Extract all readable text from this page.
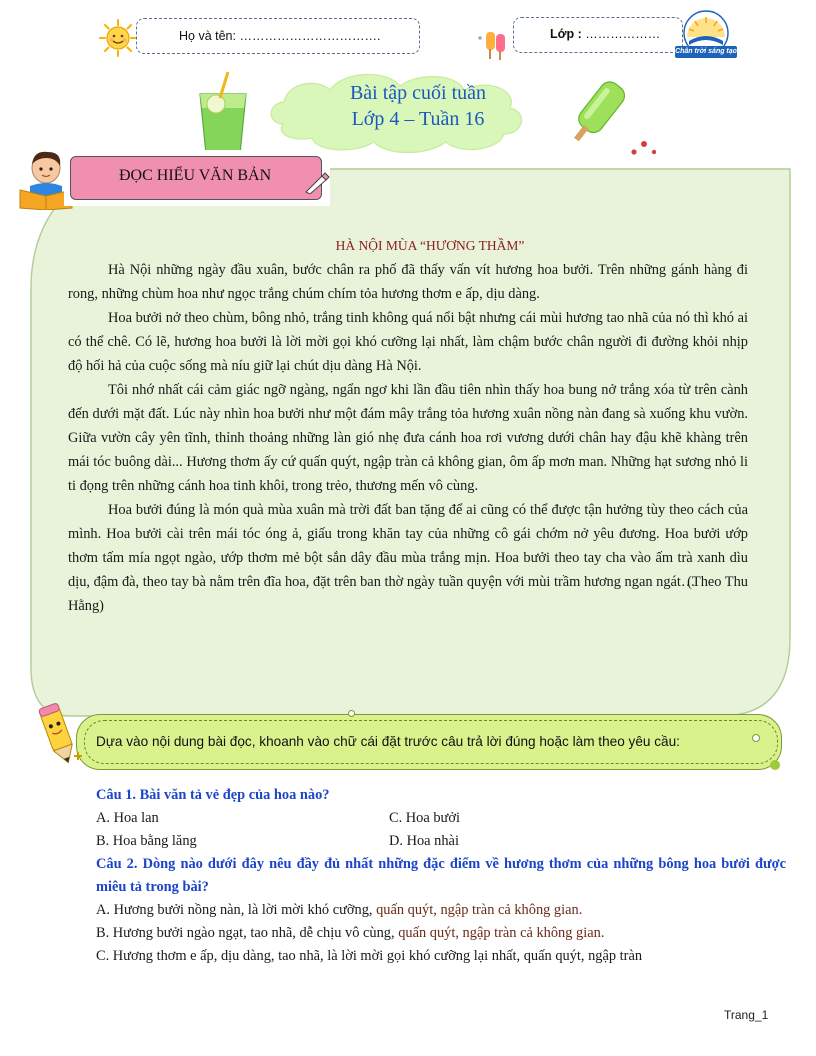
Họ và tên: …………………………….	Lớp : ………………
Chân trời sáng tạo
Bài tập cuối tuần
Lớp 4 – Tuần 16
ĐỌC HIỂU VĂN BẢN
HÀ NỘI MÙA “HƯƠNG THẦM”

Hà Nội những ngày đầu xuân, bước chân ra phố đã thấy vấn vít hương hoa bưởi. Trên những gánh hàng đi rong, những chùm hoa như ngọc trắng chúm chím tỏa hương thơm e ấp, dịu dàng.

Hoa bưởi nở theo chùm, bông nhỏ, trắng tinh không quá nổi bật nhưng cái mùi hương tao nhã của nó thì khó ai có thể chê. Có lẽ, hương hoa bưởi là lời mời gọi khó cưỡng lại nhất, làm chậm bước chân người đi đường khỏi nhịp độ hối hả của cuộc sống mà níu giữ lại chút dịu dàng Hà Nội.

Tôi nhớ nhất cái cảm giác ngỡ ngàng, ngẩn ngơ khi lần đầu tiên nhìn thấy hoa bung nở trắng xóa từ trên cành đến dưới mặt đất. Lúc này nhìn hoa bưởi như một đám mây trắng tỏa hương xuân nồng nàn đang sà xuống khu vườn. Giữa vườn cây yên tĩnh, thỉnh thoảng những làn gió nhẹ đưa cánh hoa rơi vương dưới chân hay đậu khẽ khàng trên mái tóc buông dài... Hương thơm ấy cứ quấn quýt, ngập tràn cả không gian, ôm ấp mơn man. Những hạt sương nhỏ li ti đọng trên những cánh hoa tinh khôi, trong trẻo, thương mến vô cùng.

Hoa bưởi đúng là món quà mùa xuân mà trời đất ban tặng để ai cũng có thể được tận hưởng tùy theo cách của mình. Hoa bưởi cài trên mái tóc óng ả, giấu trong khăn tay của những cô gái chớm nở yêu đương. Hoa bưởi ướp thơm tấm mía ngọt ngào, ướp thơm mẻ bột sắn dây đầu mùa trắng mịn. Hoa bưởi theo tay cha vào ấm trà xanh dìu dịu, đậm đà, theo tay bà nằm trên đĩa hoa, đặt trên ban thờ ngày tuần quyện với mùi trầm hương ngan ngát…

(Theo Thu
Hằng)
Dựa vào nội dung bài đọc, khoanh vào chữ cái đặt trước câu trả lời đúng hoặc làm theo yêu cầu:
Câu 1. Bài văn tả vẻ đẹp của hoa nào?
A. Hoa lan	C. Hoa bưởi
B. Hoa bằng lăng	D. Hoa nhài
Câu 2. Dòng nào dưới đây nêu đầy đủ nhất những đặc điểm về hương thơm của những bông hoa bưởi được miêu tả trong bài?
A. Hương bưởi nồng nàn, là lời mời khó cưỡng, quấn quýt, ngập tràn cả không gian.
B. Hương bưởi ngào ngạt, tao nhã, dễ chịu vô cùng, quấn quýt, ngập tràn cả không gian.
C. Hương thơm e ấp, dịu dàng, tao nhã, là lời mời gọi khó cưỡng lại nhất, quấn quýt, ngập tràn
Trang_1
